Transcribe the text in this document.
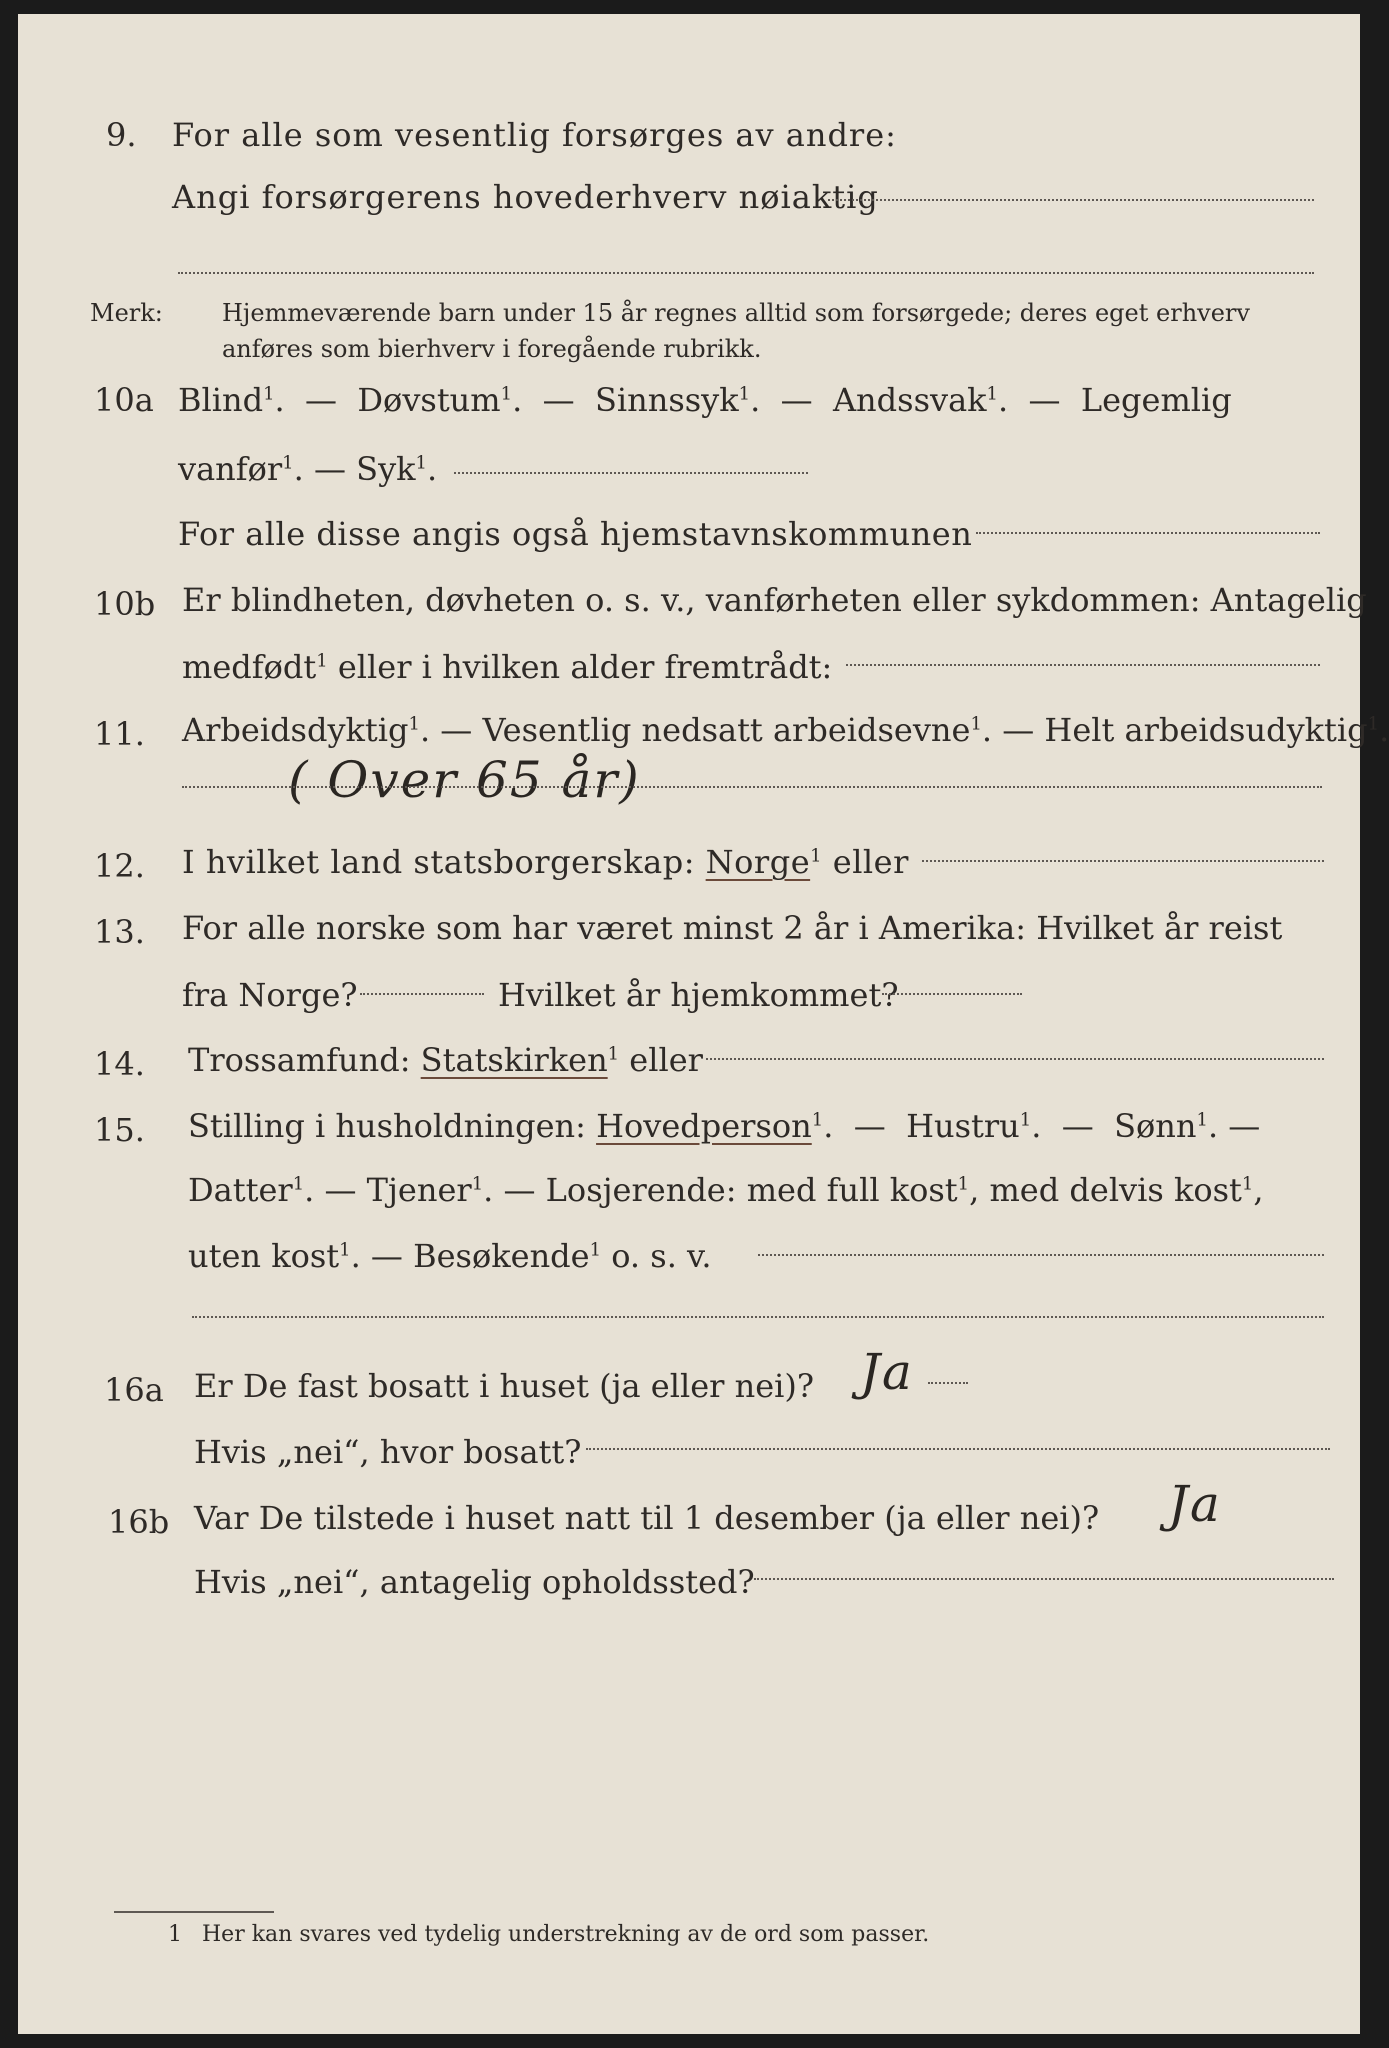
9. For alle som vesentlig forsørges av andre:
Angi forsørgerens hovederhverv nøiaktig
Merk: Hjemmeværende barn under 15 år regnes alltid som forsørgede; deres eget erhverv
anføres som bierhverv i foregående rubrikk.
10a Blind$^1$.  —  Døvstum$^1$.  —  Sinnssyk$^1$.  —  Andssvak$^1$.  —  Legemlig
vanfør$^1$. — Syk$^1$.
For alle disse angis også hjemstavnskommunen
10b Er blindheten, døvheten o. s. v., vanførheten eller sykdommen: Antagelig
medfødt$^1$ eller i hvilken alder fremtrådt:
11. Arbeidsdyktig$^1$. — Vesentlig nedsatt arbeidsevne$^1$. — Helt arbeidsudyktig$^1$.
( Over 65 år)
12. I hvilket land statsborgerskap: Norge$^1$ eller
13. For alle norske som har været minst 2 år i Amerika: Hvilket år reist
fra Norge?	Hvilket år hjemkommet?
14. Trossamfund: Statskirken$^1$ eller
15. Stilling i husholdningen: Hovedperson$^1$.  —  Hustru$^1$.  —  Sønn$^1$. —
Datter$^1$. — Tjener$^1$. — Losjerende: med full kost$^1$, med delvis kost$^1$,
uten kost$^1$. — Besøkende$^1$ o. s. v.
16a Er De fast bosatt i huset (ja eller nei)? Ja
Hvis „nei“, hvor bosatt?
16b Var De tilstede i huset natt til 1 desember (ja eller nei)? Ja
Hvis „nei“, antagelig opholdssted?
1 Her kan svares ved tydelig understrekning av de ord som passer.
